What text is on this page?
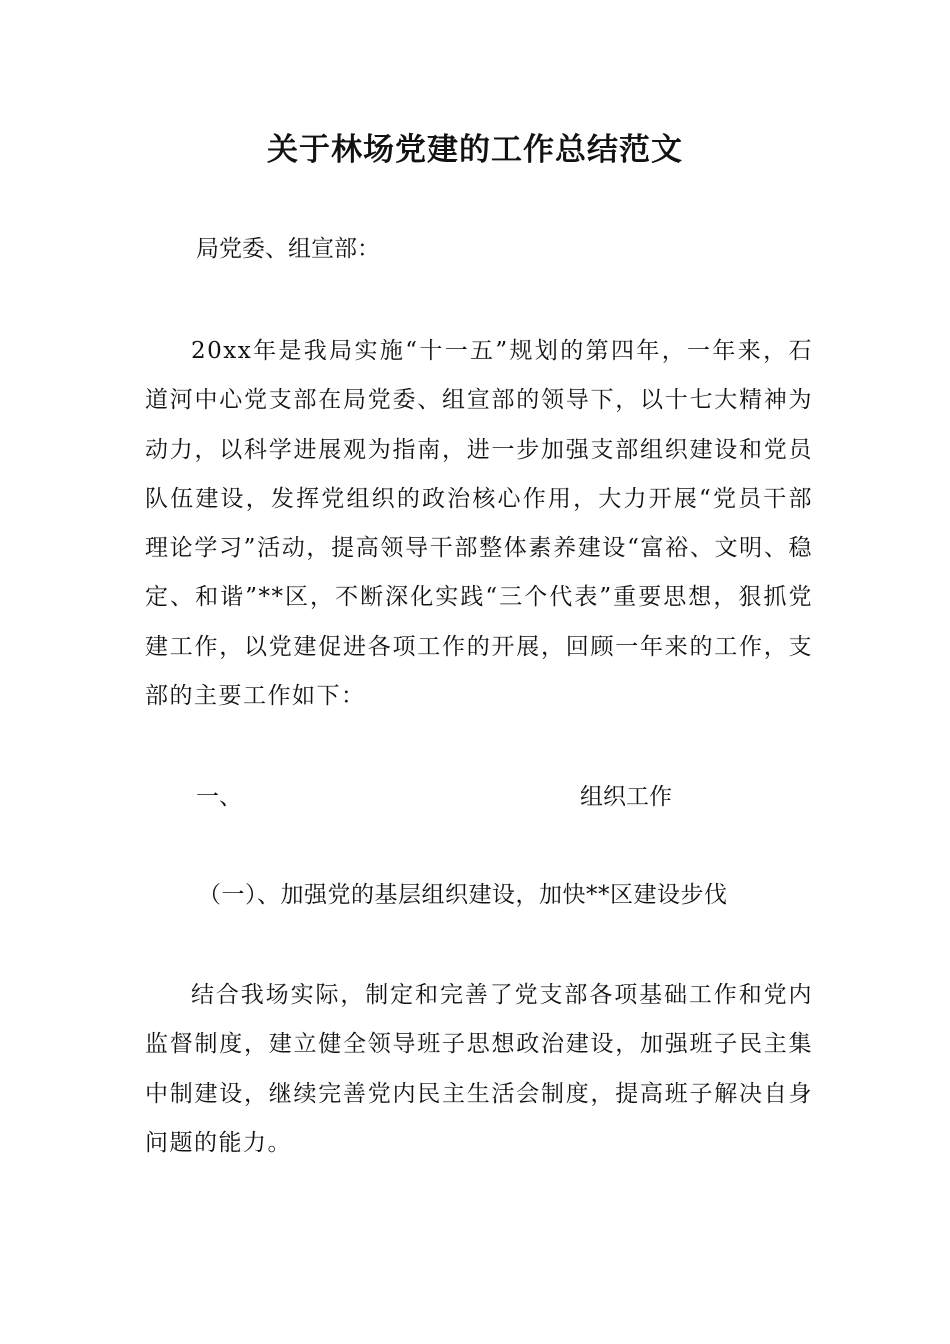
关于林场党建的工作总结范文

局党委、组宣部：

20xx年是我局实施“十一五”规划的第四年，一年来，石道河中心党支部在局党委、组宣部的领导下，以十七大精神为动力，以科学进展观为指南，进一步加强支部组织建设和党员队伍建设，发挥党组织的政治核心作用，大力开展“党员干部理论学习”活动，提高领导干部整体素养建设“富裕、文明、稳定、和谐”**区，不断深化实践“三个代表”重要思想，狠抓党建工作，以党建促进各项工作的开展，回顾一年来的工作，支部的主要工作如下：

一、	组织工作

（一）、加强党的基层组织建设，加快**区建设步伐

结合我场实际，制定和完善了党支部各项基础工作和党内监督制度，建立健全领导班子思想政治建设，加强班子民主集中制建设，继续完善党内民主生活会制度，提高班子解决自身问题的能力。
